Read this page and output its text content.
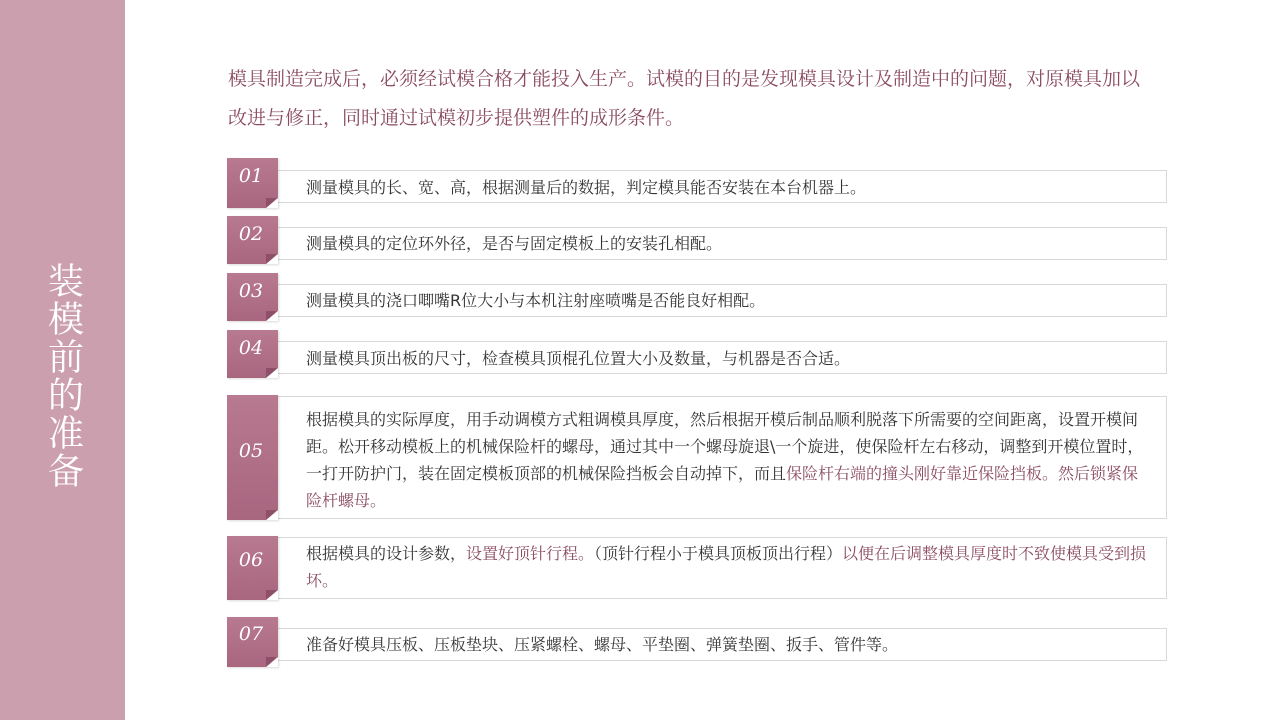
装
模
前
的
准
备
模具制造完成后，必须经试模合格才能投入生产。试模的目的是发现模具设计及制造中的问题，对原模具加以改进与修正，同时通过试模初步提供塑件的成形条件。
01
测量模具的长、宽、高，根据测量后的数据，判定模具能否安装在本台机器上。
02	测量模具的定位环外径，是否与固定模板上的安装孔相配。
03	测量模具的浇口唧嘴R位大小与本机注射座喷嘴是否能良好相配。
04	测量模具顶出板的尺寸，检查模具顶棍孔位置大小及数量，与机器是否合适。
05
根据模具的实际厚度，用手动调模方式粗调模具厚度，然后根据开模后制品顺利脱落下所需要的空间距离，设置开模间距。松开移动模板上的机械保险杆的螺母，通过其中一个螺母旋退\一个旋进，使保险杆左右移动，调整到开模位置时，一打开防护门，装在固定模板顶部的机械保险挡板会自动掉下，而且保险杆右端的撞头刚好靠近保险挡板。然后锁紧保险杆螺母。
06	根据模具的设计参数，设置好顶针行程。（顶针行程小于模具顶板顶出行程）以便在后调整模具厚度时不致使模具受到损坏。
07	准备好模具压板、压板垫块、压紧螺栓、螺母、平垫圈、弹簧垫圈、扳手、管件等。
